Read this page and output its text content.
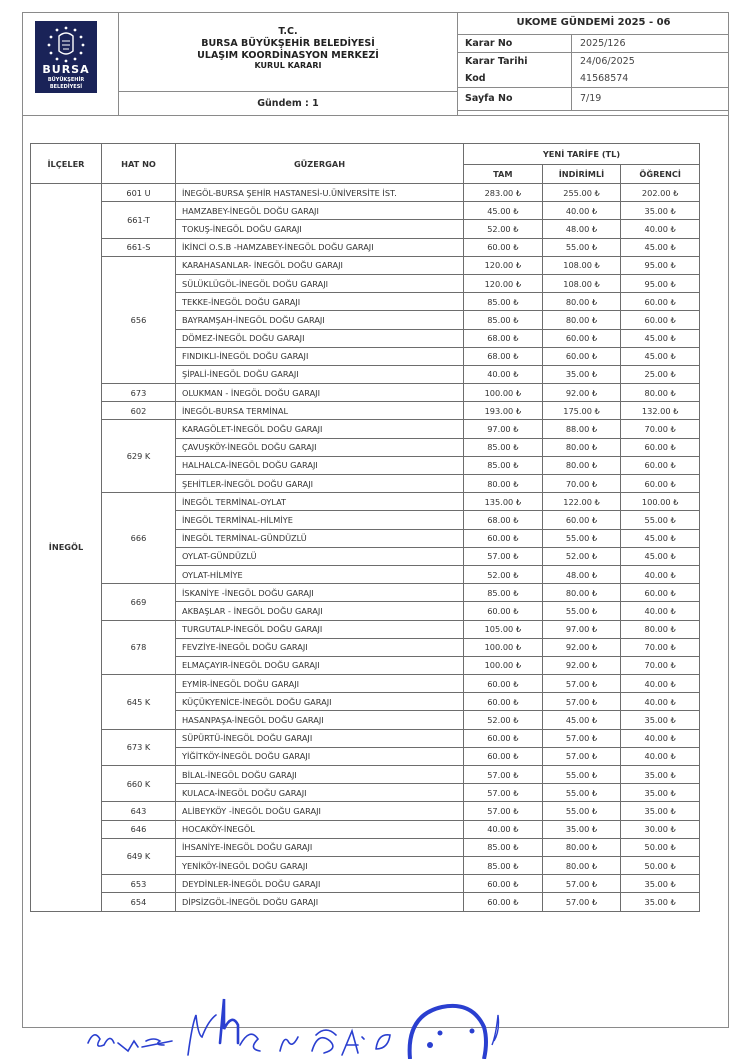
BURSA
BÜYÜKŞEHİR
BELEDİYESİ
T.C.
BURSA BÜYÜKŞEHİR BELEDİYESİ
ULAŞIM KOORDİNASYON MERKEZİ
KURUL KARARI
Gündem : 1
UKOME GÜNDEMİ 2025 - 06
Karar No	2025/126
Karar Tarihi	24/06/2025
Kod	41568574
Sayfa No	7/19
İLÇELER	HAT NO	GÜZERGAH	YENİ TARİFE (TL)		
			TAM	İNDİRİMLİ	ÖĞRENCİ
İNEGÖL	601 U	İNEGÖL-BURSA ŞEHİR HASTANESİ-U.ÜNİVERSİTE İST.	283.00 ₺	255.00 ₺	202.00 ₺
	661-T	HAMZABEY-İNEGÖL DOĞU GARAJI	45.00 ₺	40.00 ₺	35.00 ₺
		TOKUŞ-İNEGÖL DOĞU GARAJI	52.00 ₺	48.00 ₺	40.00 ₺
	661-S	İKİNCİ O.S.B -HAMZABEY-İNEGÖL DOĞU GARAJI	60.00 ₺	55.00 ₺	45.00 ₺
	656	KARAHASANLAR- İNEGÖL DOĞU GARAJI	120.00 ₺	108.00 ₺	95.00 ₺
		SÜLÜKLÜGÖL-İNEGÖL DOĞU GARAJI	120.00 ₺	108.00 ₺	95.00 ₺
		TEKKE-İNEGÖL DOĞU GARAJI	85.00 ₺	80.00 ₺	60.00 ₺
		BAYRAMŞAH-İNEGÖL DOĞU GARAJI	85.00 ₺	80.00 ₺	60.00 ₺
		DÖMEZ-İNEGÖL DOĞU GARAJI	68.00 ₺	60.00 ₺	45.00 ₺
		FINDIKLI-İNEGÖL DOĞU GARAJI	68.00 ₺	60.00 ₺	45.00 ₺
		ŞİPALİ-İNEGÖL DOĞU GARAJI	40.00 ₺	35.00 ₺	25.00 ₺
	673	OLUKMAN - İNEGÖL DOĞU GARAJI	100.00 ₺	92.00 ₺	80.00 ₺
	602	İNEGÖL-BURSA TERMİNAL	193.00 ₺	175.00 ₺	132.00 ₺
	629 K	KARAGÖLET-İNEGÖL DOĞU GARAJI	97.00 ₺	88.00 ₺	70.00 ₺
		ÇAVUŞKÖY-İNEGÖL DOĞU GARAJI	85.00 ₺	80.00 ₺	60.00 ₺
		HALHALCA-İNEGÖL DOĞU GARAJI	85.00 ₺	80.00 ₺	60.00 ₺
		ŞEHİTLER-İNEGÖL DOĞU GARAJI	80.00 ₺	70.00 ₺	60.00 ₺
	666	İNEGÖL TERMİNAL-OYLAT	135.00 ₺	122.00 ₺	100.00 ₺
		İNEGÖL TERMİNAL-HİLMİYE	68.00 ₺	60.00 ₺	55.00 ₺
		İNEGÖL TERMİNAL-GÜNDÜZLÜ	60.00 ₺	55.00 ₺	45.00 ₺
		OYLAT-GÜNDÜZLÜ	57.00 ₺	52.00 ₺	45.00 ₺
		OYLAT-HİLMİYE	52.00 ₺	48.00 ₺	40.00 ₺
	669	İSKANİYE -İNEGÖL DOĞU GARAJI	85.00 ₺	80.00 ₺	60.00 ₺
		AKBAŞLAR - İNEGÖL DOĞU GARAJI	60.00 ₺	55.00 ₺	40.00 ₺
	678	TURGUTALP-İNEGÖL DOĞU GARAJI	105.00 ₺	97.00 ₺	80.00 ₺
		FEVZİYE-İNEGÖL DOĞU GARAJI	100.00 ₺	92.00 ₺	70.00 ₺
		ELMAÇAYIR-İNEGÖL DOĞU GARAJI	100.00 ₺	92.00 ₺	70.00 ₺
	645 K	EYMİR-İNEGÖL DOĞU GARAJI	60.00 ₺	57.00 ₺	40.00 ₺
		KÜÇÜKYENİCE-İNEGÖL DOĞU GARAJI	60.00 ₺	57.00 ₺	40.00 ₺
		HASANPAŞA-İNEGÖL DOĞU GARAJI	52.00 ₺	45.00 ₺	35.00 ₺
	673 K	SÜPÜRTÜ-İNEGÖL DOĞU GARAJI	60.00 ₺	57.00 ₺	40.00 ₺
		YİĞİTKÖY-İNEGÖL DOĞU GARAJI	60.00 ₺	57.00 ₺	40.00 ₺
	660 K	BİLAL-İNEGÖL DOĞU GARAJI	57.00 ₺	55.00 ₺	35.00 ₺
		KULACA-İNEGÖL DOĞU GARAJI	57.00 ₺	55.00 ₺	35.00 ₺
	643	ALİBEYKÖY -İNEGÖL DOĞU GARAJI	57.00 ₺	55.00 ₺	35.00 ₺
	646	HOCAKÖY-İNEGÖL	40.00 ₺	35.00 ₺	30.00 ₺
	649 K	İHSANİYE-İNEGÖL DOĞU GARAJI	85.00 ₺	80.00 ₺	50.00 ₺
		YENİKÖY-İNEGÖL DOĞU GARAJI	85.00 ₺	80.00 ₺	50.00 ₺
	653	DEYDİNLER-İNEGÖL DOĞU GARAJI	60.00 ₺	57.00 ₺	35.00 ₺
	654	DİPSİZGÖL-İNEGÖL DOĞU GARAJI	60.00 ₺	57.00 ₺	35.00 ₺
